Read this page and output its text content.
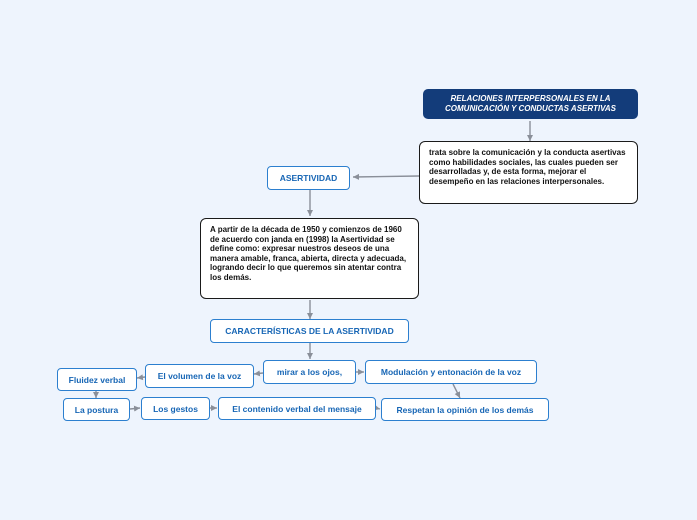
RELACIONES INTERPERSONALES EN LA COMUNICACIÓN Y CONDUCTAS ASERTIVAS
trata sobre la comunicación y la conducta asertivas como habilidades sociales, las cuales pueden ser desarrolladas y, de esta forma, mejorar el desempeño en las relaciones interpersonales.
ASERTIVIDAD
A partir de la década de 1950 y comienzos de 1960 de acuerdo con janda en (1998) la Asertividad se define como: expresar nuestros deseos de una manera amable, franca, abierta, directa y adecuada, logrando decir lo que queremos sin atentar contra los demás.
CARACTERÍSTICAS DE LA ASERTIVIDAD
mirar a los ojos,
El volumen de la voz
Fluidez verbal
Modulación y entonación de la voz
La postura	Los gestos	El contenido verbal del mensaje	Respetan la opinión de los demás
